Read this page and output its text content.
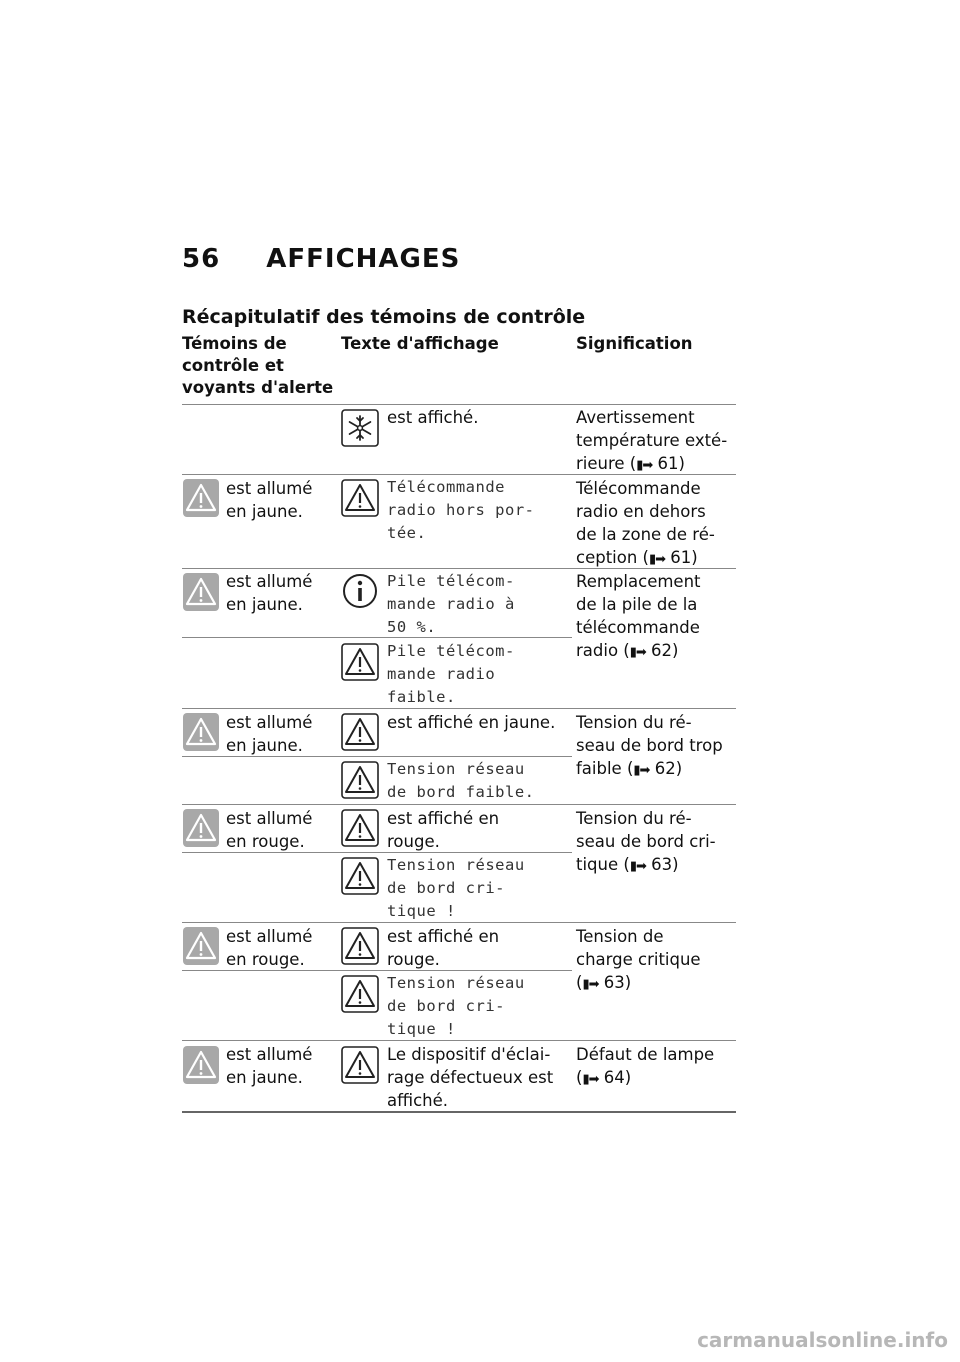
56 AFFICHAGES
Récapitulatif des témoins de contrôle
Témoins de
contrôle et
voyants d'alerte
Texte d'affichage	Signification
est affiché.	Avertissement
température exté-
rieure (▮➡ 61)
est allumé
en jaune.
Télécommande
radio hors por-
tée.
Télécommande
radio en dehors
de la zone de ré-
ception (▮➡ 61)
est allumé
en jaune.
Pile télécom-
mande radio à
50 %.
Remplacement
de la pile de la
télécommande
radio (▮➡ 62)
Pile télécom-
mande radio
faible.
est allumé
en jaune.
est affiché en jaune. Tension du ré-
seau de bord trop
faible (▮➡ 62)
Tension réseau
de bord faible.
est allumé
en rouge.
est affiché en
rouge.
Tension du ré-
seau de bord cri-
tique (▮➡ 63)
Tension réseau
de bord cri-
tique !
est allumé
en rouge.
est affiché en
rouge.
Tension de
charge critique
(▮➡ 63)
Tension réseau
de bord cri-
tique !
est allumé
en jaune.
Le dispositif d'éclai-
rage défectueux est
affiché.
Défaut de lampe
(▮➡ 64)
carmanualsonline.info
